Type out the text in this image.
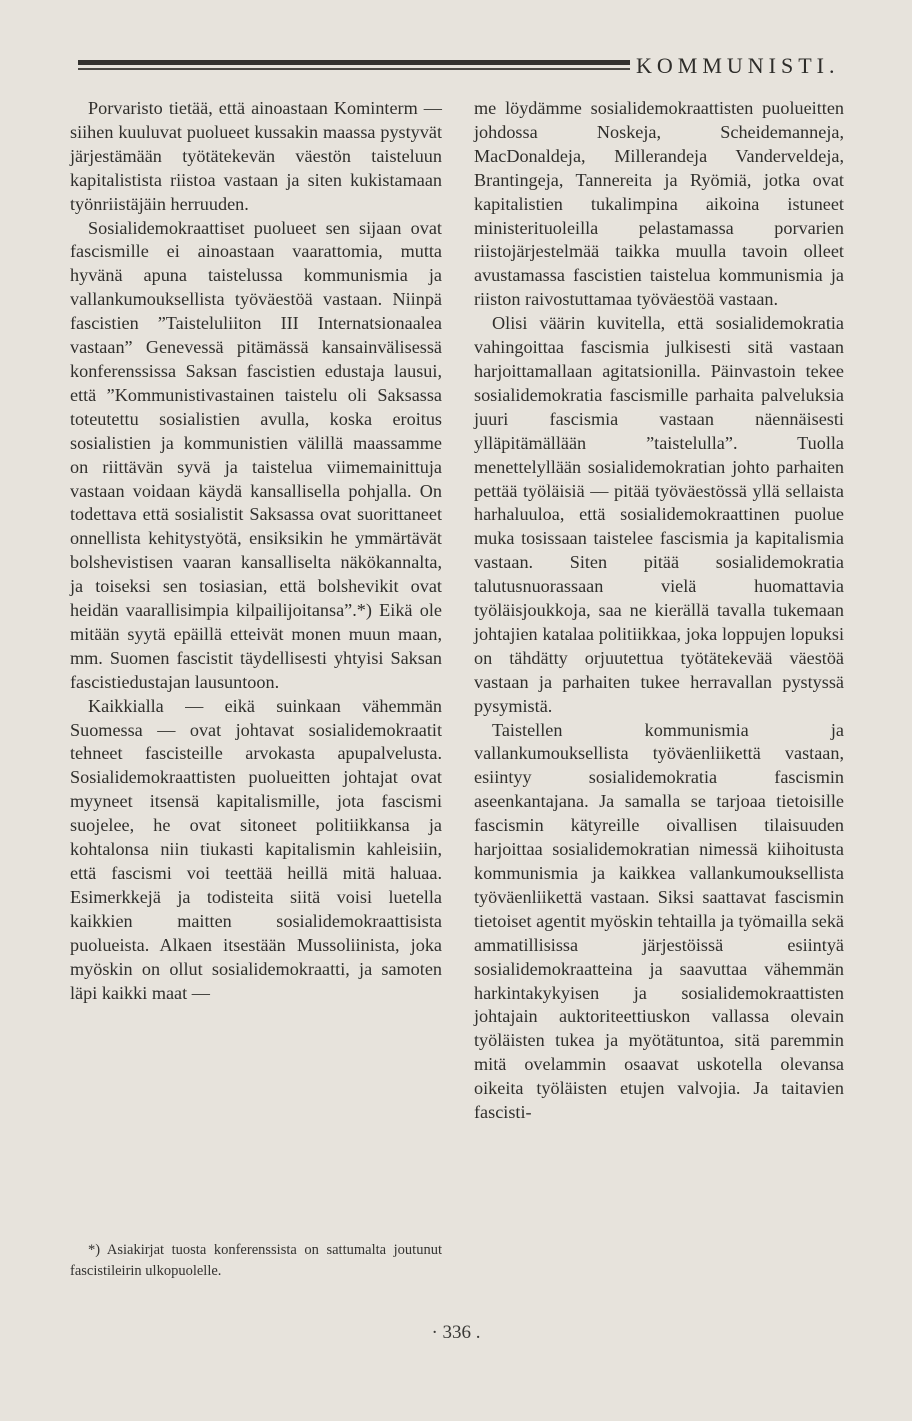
KOMMUNISTI.

Porvaristo tietää, että ainoastaan Kominterm — siihen kuuluvat puolueet kussakin maassa pystyvät järjestämään työtätekevän väestön taisteluun kapitalistista riistoa vastaan ja siten kukistamaan työnriistäjäin herruuden.

Sosialidemokraattiset puolueet sen sijaan ovat fascismille ei ainoastaan vaarattomia, mutta hyvänä apuna taistelussa kommunismia ja vallankumouksellista työväestöä vastaan. Niinpä fascistien ”Taisteluliiton III Internatsionaalea vastaan” Genevessä pitämässä kansainvälisessä konferenssissa Saksan fascistien edustaja lausui, että ”Kommunistivastainen taistelu oli Saksassa toteutettu sosialistien avulla, koska eroitus sosialistien ja kommunistien välillä maassamme on riittävän syvä ja taistelua viimemainittuja vastaan voidaan käydä kansallisella pohjalla. On todettava että sosialistit Saksassa ovat suorittaneet onnellista kehitystyötä, ensiksikin he ymmärtävät bolshevistisen vaaran kansalliselta näkökannalta, ja toiseksi sen tosiasian, että bolshevikit ovat heidän vaarallisimpia kilpailijoitansa”.*) Eikä ole mitään syytä epäillä etteivät monen muun maan, mm. Suomen fascistit täydellisesti yhtyisi Saksan fascistiedustajan lausuntoon.

Kaikkialla — eikä suinkaan vähemmän Suomessa — ovat johtavat sosialidemokraatit tehneet fascisteille arvokasta apupalvelusta. Sosialidemokraattisten puolueitten johtajat ovat myyneet itsensä kapitalismille, jota fascismi suojelee, he ovat sitoneet politiikkansa ja kohtalonsa niin tiukasti kapitalismin kahleisiin, että fascismi voi teettää heillä mitä haluaa. Esimerkkejä ja todisteita siitä voisi luetella kaikkien maitten sosialidemokraattisista puolueista. Alkaen itsestään Mussoliinista, joka myöskin on ollut sosialidemokraatti, ja samoten läpi kaikki maat —

*) Asiakirjat tuosta konferenssista on sattumalta joutunut fascistileirin ulkopuolelle.

me löydämme sosialidemokraattisten puolueitten johdossa Noskeja, Scheidemanneja, MacDonaldeja, Millerandeja Vanderveldeja, Brantingeja, Tannereita ja Ryömiä, jotka ovat kapitalistien tukalimpina aikoina istuneet ministerituoleilla pelastamassa porvarien riistojärjestelmää taikka muulla tavoin olleet avustamassa fascistien taistelua kommunismia ja riiston raivostuttamaa työväestöä vastaan.

Olisi väärin kuvitella, että sosialidemokratia vahingoittaa fascismia julkisesti sitä vastaan harjoittamallaan agitatsionilla. Päinvastoin tekee sosialidemokratia fascismille parhaita palveluksia juuri fascismia vastaan näennäisesti ylläpitämällään ”taistelulla”. Tuolla menettelyllään sosialidemokratian johto parhaiten pettää työläisiä — pitää työväestössä yllä sellaista harhaluuloa, että sosialidemokraattinen puolue muka tosissaan taistelee fascismia ja kapitalismia vastaan. Siten pitää sosialidemokratia talutusnuorassaan vielä huomattavia työläisjoukkoja, saa ne kierällä tavalla tukemaan johtajien katalaa politiikkaa, joka loppujen lopuksi on tähdätty orjuutettua työtätekevää väestöä vastaan ja parhaiten tukee herravallan pystyssä pysymistä.

Taistellen kommunismia ja vallankumouksellista työväenliikettä vastaan, esiintyy sosialidemokratia fascismin aseenkantajana. Ja samalla se tarjoaa tietoisille fascismin kätyreille oivallisen tilaisuuden harjoittaa sosialidemokratian nimessä kiihoitusta kommunismia ja kaikkea vallankumouksellista työväenliikettä vastaan. Siksi saattavat fascismin tietoiset agentit myöskin tehtailla ja työmailla sekä ammatillisissa järjestöissä esiintyä sosialidemokraatteina ja saavuttaa vähemmän harkintakykyisen ja sosialidemokraattisten johtajain auktoriteettiuskon vallassa olevain työläisten tukea ja myötätuntoa, sitä paremmin mitä ovelammin osaavat uskotella olevansa oikeita työläisten etujen valvojia. Ja taitavien fascisti-

· 336 .
